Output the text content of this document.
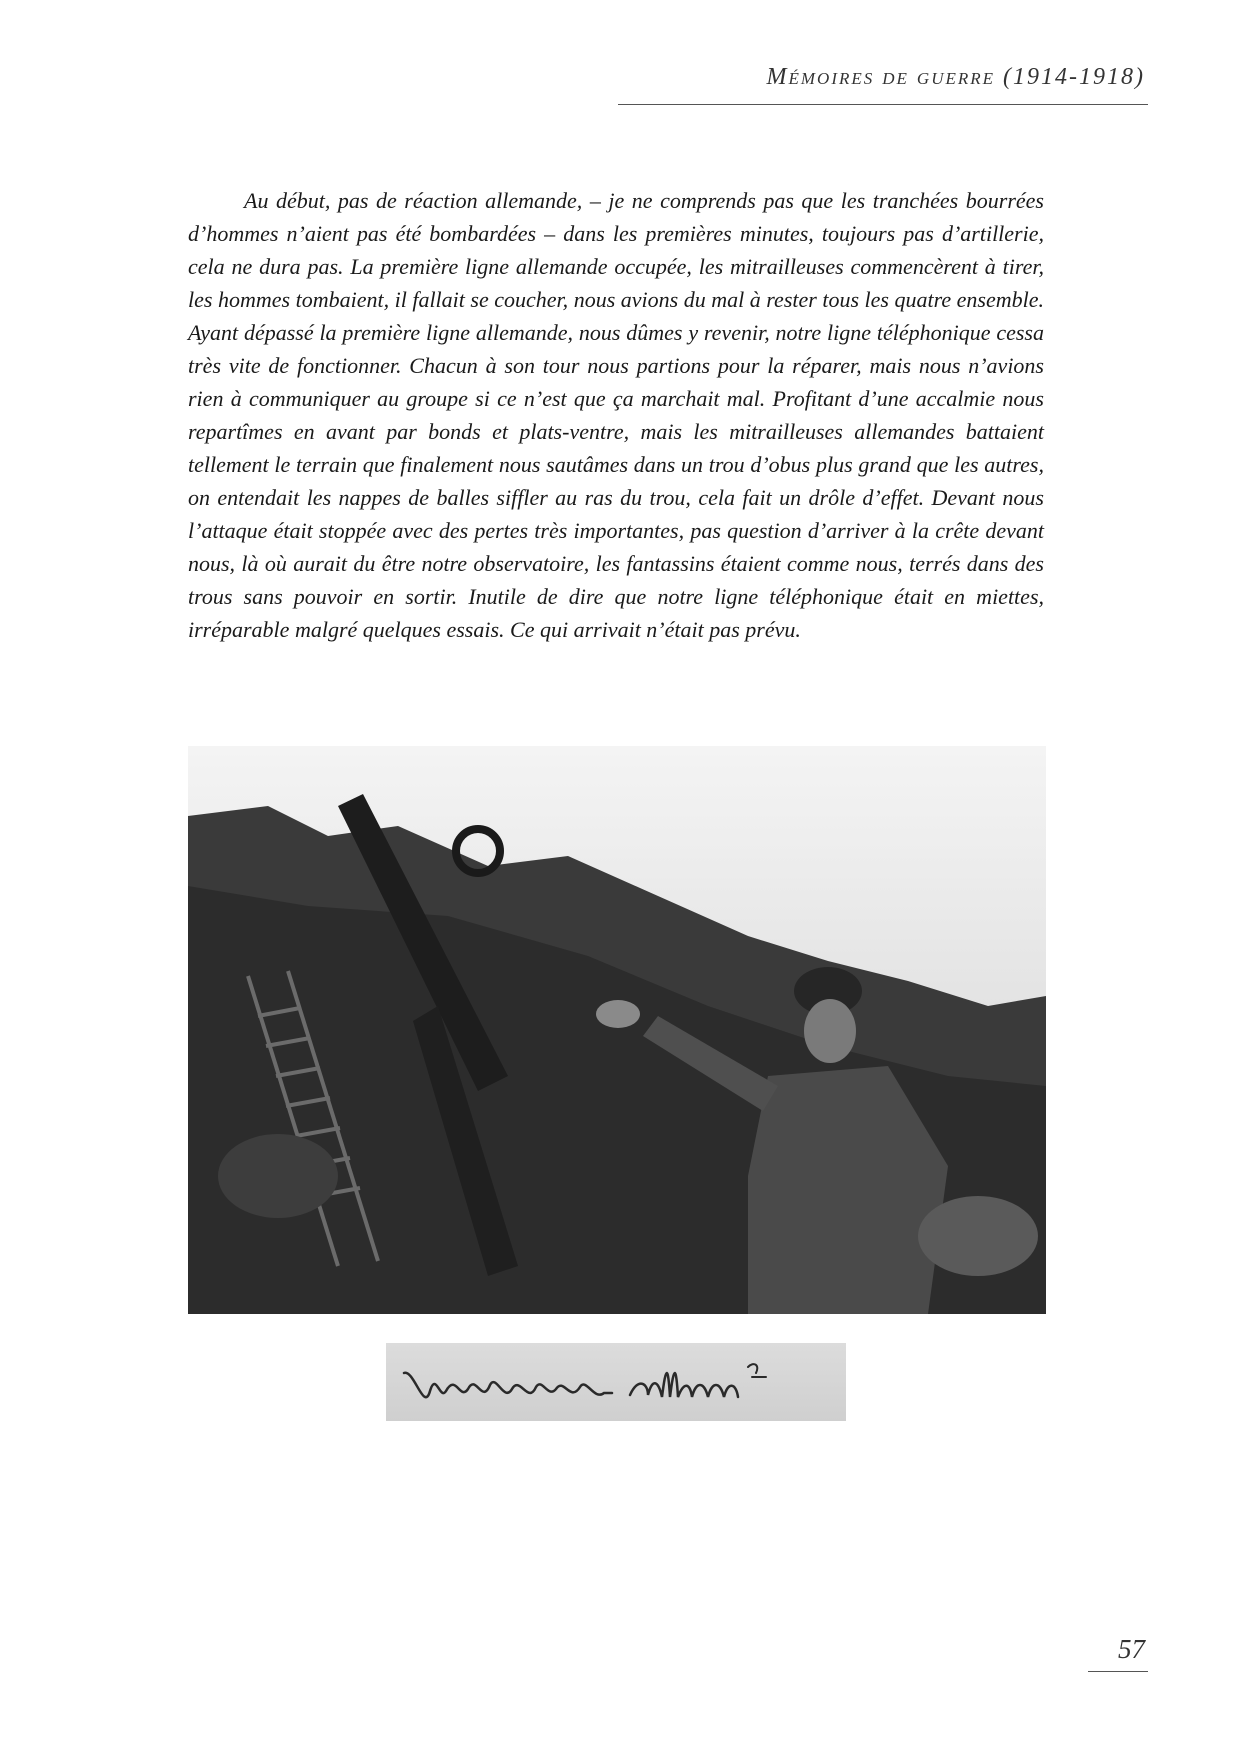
Mémoires de guerre (1914-1918)

Au début, pas de réaction allemande, – je ne comprends pas que les tranchées bourrées d’hommes n’aient pas été bombardées – dans les premières minutes, toujours pas d’artillerie, cela ne dura pas. La première ligne allemande occupée, les mitrailleuses commencèrent à tirer, les hommes tombaient, il fallait se coucher, nous avions du mal à rester tous les quatre ensemble. Ayant dépassé la première ligne allemande, nous dûmes y revenir, notre ligne téléphonique cessa très vite de fonctionner. Chacun à son tour nous partions pour la réparer, mais nous n’avions rien à communiquer au groupe si ce n’est que ça marchait mal. Profitant d’une accalmie nous repartîmes en avant par bonds et plats-ventre, mais les mitrailleuses allemandes battaient tellement le terrain que finalement nous sautâmes dans un trou d’obus plus grand que les autres, on entendait les nappes de balles siffler au ras du trou, cela fait un drôle d’effet. Devant nous l’attaque était stoppée avec des pertes très importantes, pas question d’arriver à la crête devant nous, là où aurait du être notre observatoire, les fantassins étaient comme nous, terrés dans des trous sans pouvoir en sortir. Inutile de dire que notre ligne téléphonique était en miettes, irréparable malgré quelques essais. Ce qui arrivait n’était pas prévu.

57
